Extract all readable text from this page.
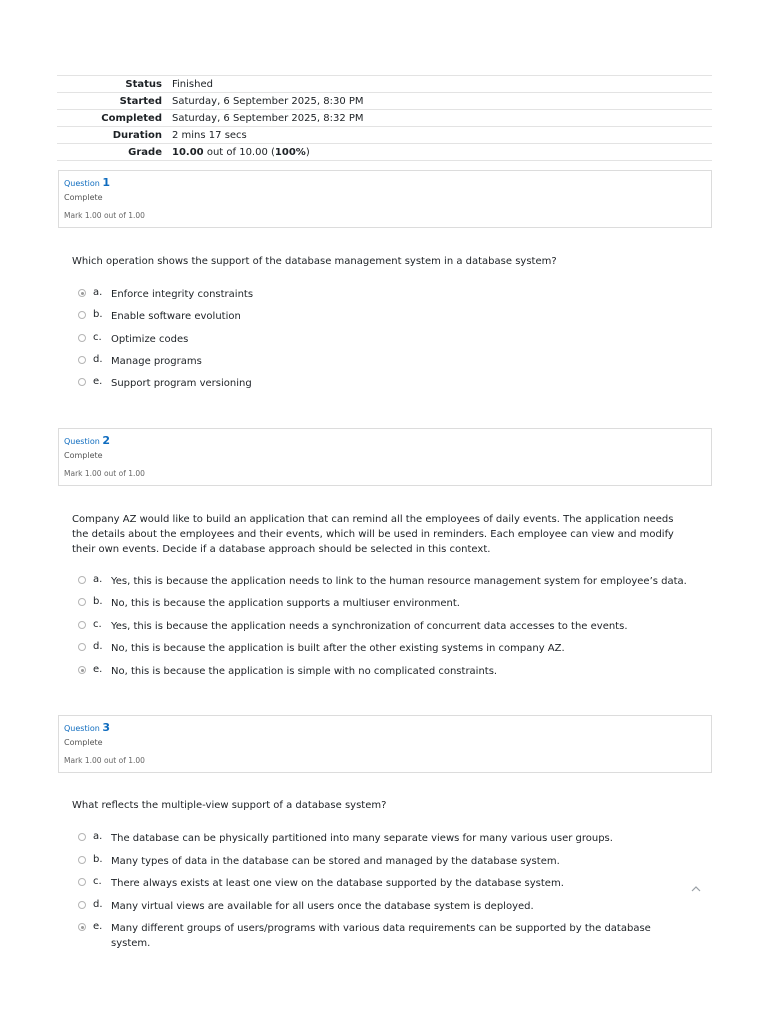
Status	Finished
Started	Saturday, 6 September 2025, 8:30 PM
Completed	Saturday, 6 September 2025, 8:32 PM
Duration	2 mins 17 secs
Grade	10.00 out of 10.00 (100%)
Question 1
Complete
Mark 1.00 out of 1.00
Which operation shows the support of the database management system in a database system?
a. Enforce integrity constraints
b. Enable software evolution
c. Optimize codes
d. Manage programs
e. Support program versioning
Question 2
Complete
Mark 1.00 out of 1.00
Company AZ would like to build an application that can remind all the employees of daily events. The application needs the details about the employees and their events, which will be used in reminders. Each employee can view and modify their own events. Decide if a database approach should be selected in this context.
a. Yes, this is because the application needs to link to the human resource management system for employee’s data.
b. No, this is because the application supports a multiuser environment.
c. Yes, this is because the application needs a synchronization of concurrent data accesses to the events.
d. No, this is because the application is built after the other existing systems in company AZ.
e. No, this is because the application is simple with no complicated constraints.
Question 3
Complete
Mark 1.00 out of 1.00
What reflects the multiple-view support of a database system?
a. The database can be physically partitioned into many separate views for many various user groups.
b. Many types of data in the database can be stored and managed by the database system.
c. There always exists at least one view on the database supported by the database system.
d. Many virtual views are available for all users once the database system is deployed.
e. Many different groups of users/programs with various data requirements can be supported by the database system.
